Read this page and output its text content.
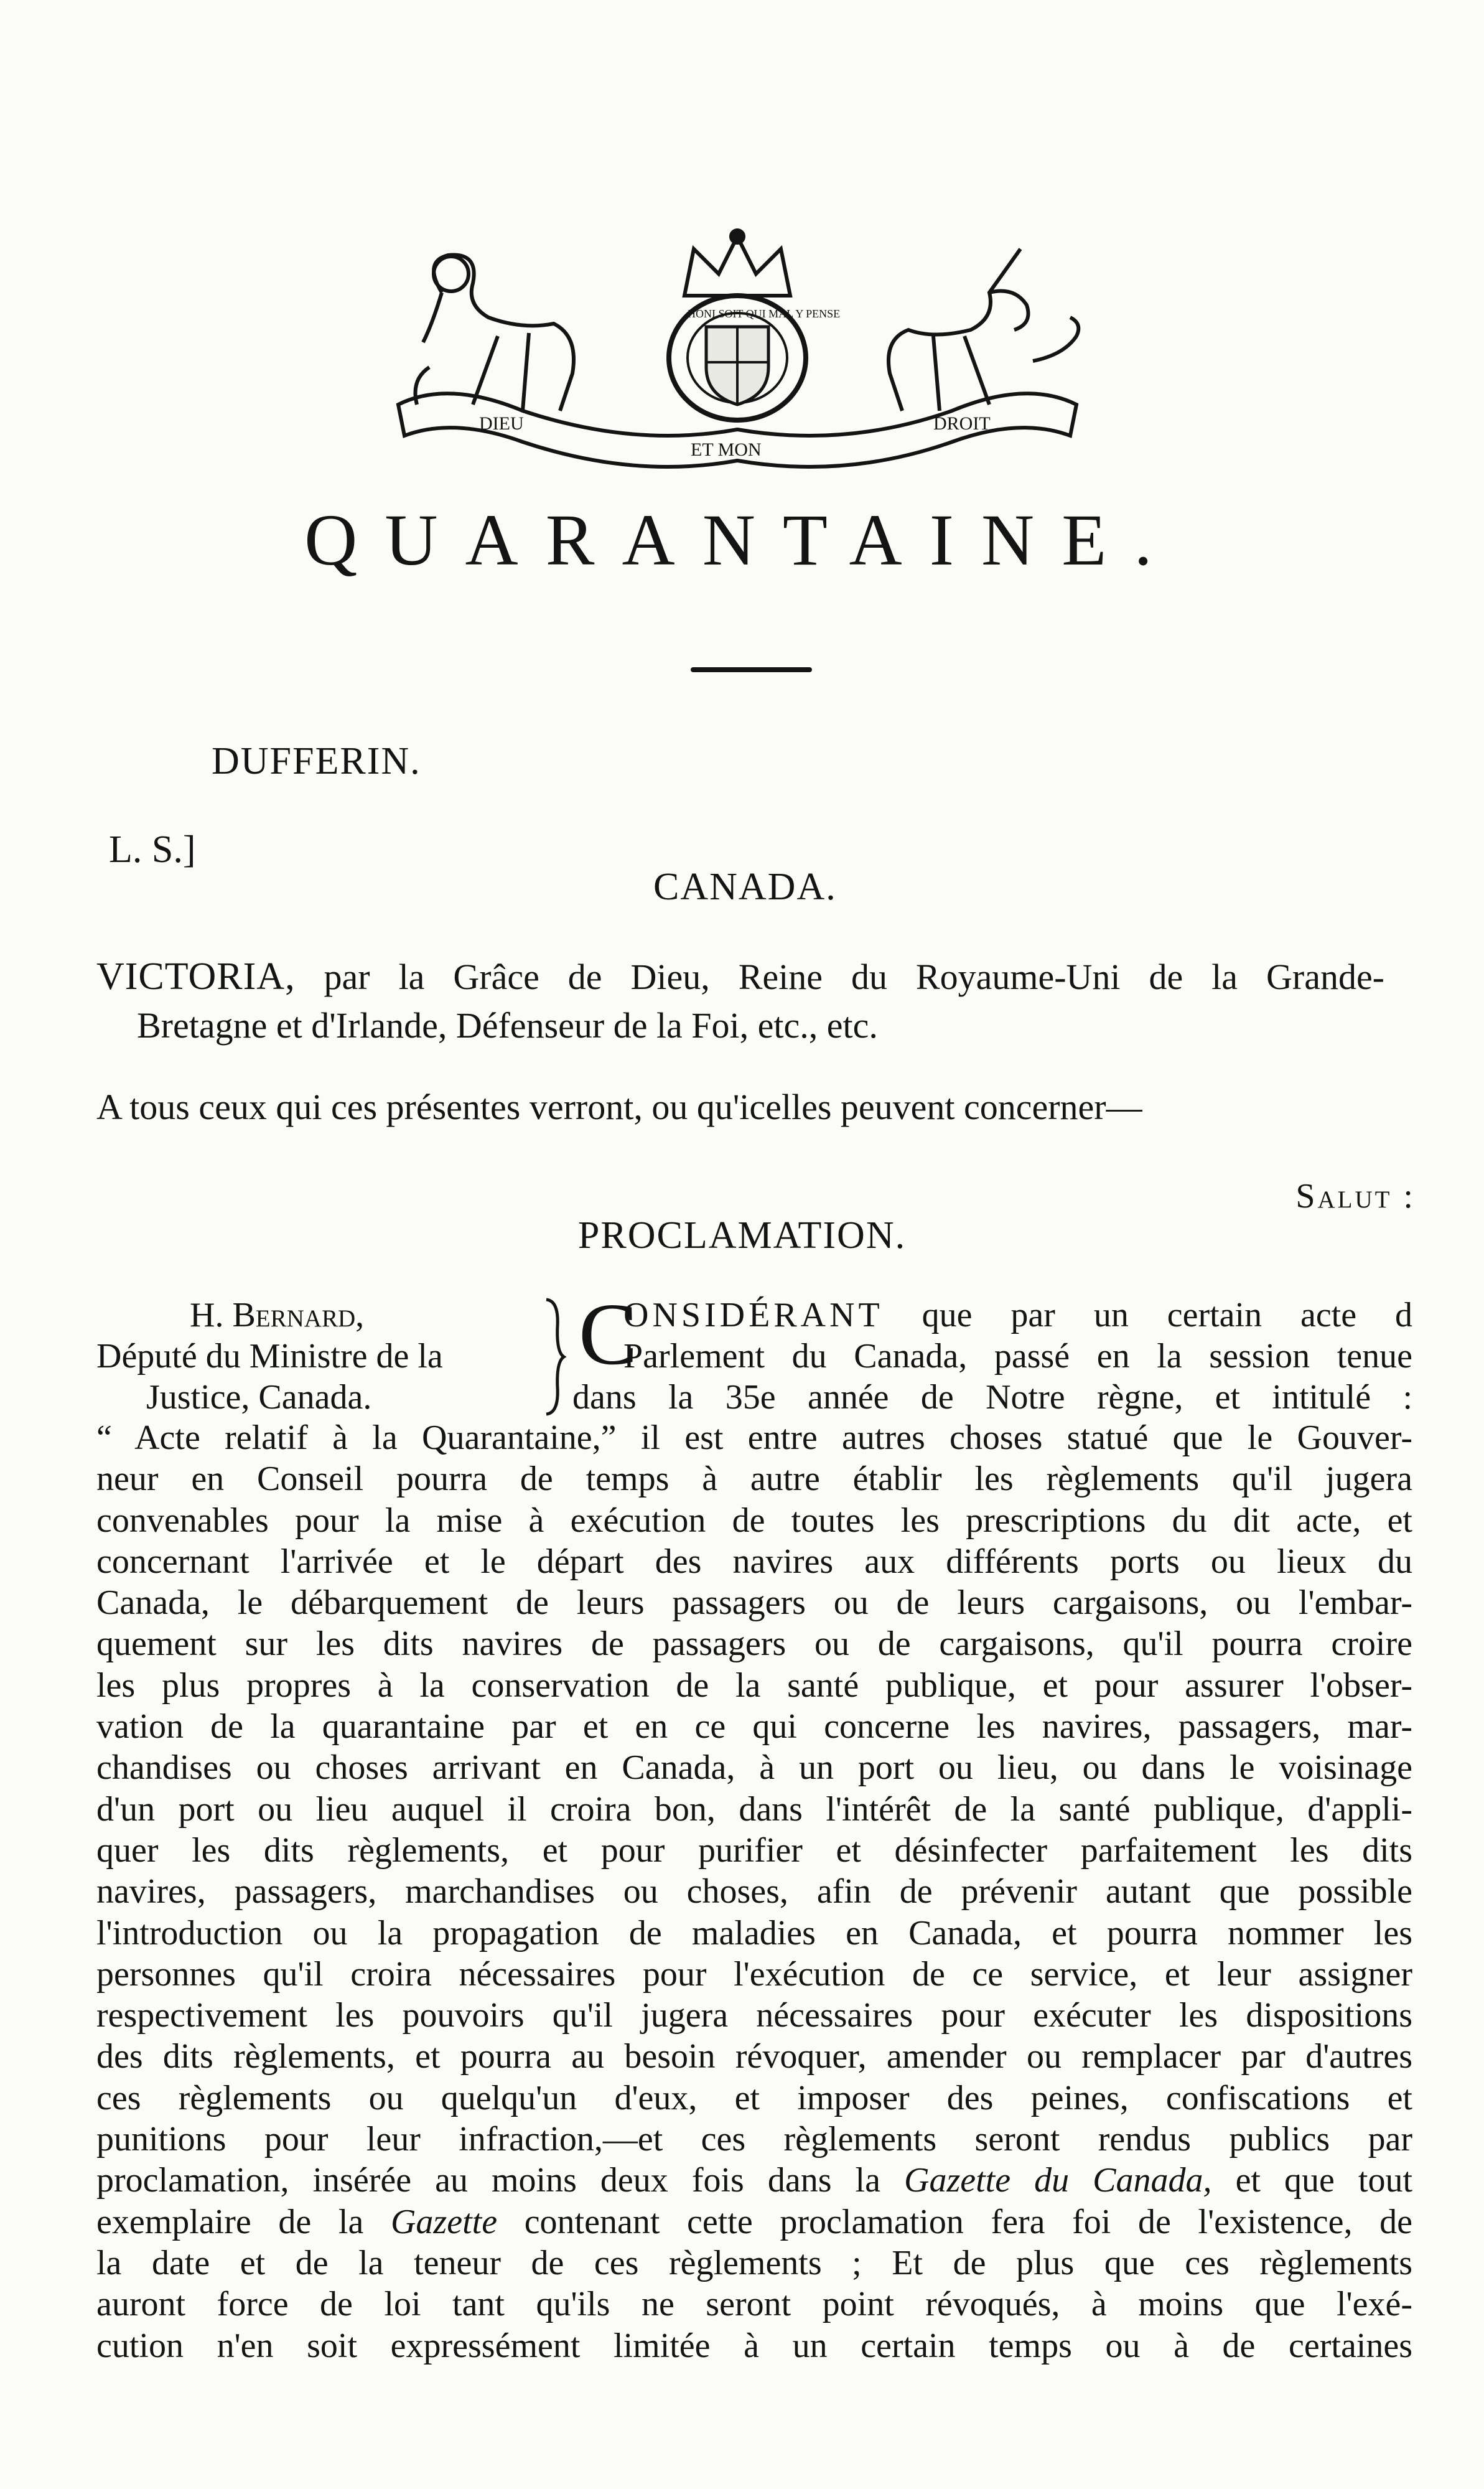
DIEU
ET MON
DROIT
HONI SOIT QUI MAL Y PENSE
QUARANTAINE.
DUFFERIN.
L. S.]
CANADA.
VICTORIA, par la Grâce de Dieu, Reine du Royaume-Uni de la Grande-
Bretagne et d'Irlande, Défenseur de la Foi, etc., etc.
A tous ceux qui ces présentes verront, ou qu'icelles peuvent concerner—
Salut :
PROCLAMATION.
H. Bernard,
Député du Ministre de la
Justice, Canada.
C
ONSIDÉRANT que par un certain acte d
Parlement du Canada, passé en la session tenue
dans la 35e année de Notre règne, et intitulé :
“ Acte relatif à la Quarantaine,” il est entre autres choses statué que le Gouver-
neur en Conseil pourra de temps à autre établir les règlements qu'il jugera
convenables pour la mise à exécution de toutes les prescriptions du dit acte, et
concernant l'arrivée et le départ des navires aux différents ports ou lieux du
Canada, le débarquement de leurs passagers ou de leurs cargaisons, ou l'embar-
quement sur les dits navires de passagers ou de cargaisons, qu'il pourra croire
les plus propres à la conservation de la santé publique, et pour assurer l'obser-
vation de la quarantaine par et en ce qui concerne les navires, passagers, mar-
chandises ou choses arrivant en Canada, à un port ou lieu, ou dans le voisinage
d'un port ou lieu auquel il croira bon, dans l'intérêt de la santé publique, d'appli-
quer les dits règlements, et pour purifier et désinfecter parfaitement les dits
navires, passagers, marchandises ou choses, afin de prévenir autant que possible
l'introduction ou la propagation de maladies en Canada, et pourra nommer les
personnes qu'il croira nécessaires pour l'exécution de ce service, et leur assigner
respectivement les pouvoirs qu'il jugera nécessaires pour exécuter les dispositions
des dits règlements, et pourra au besoin révoquer, amender ou remplacer par d'autres
ces règlements ou quelqu'un d'eux, et imposer des peines, confiscations et
punitions pour leur infraction,—et ces règlements seront rendus publics par
proclamation, insérée au moins deux fois dans la Gazette du Canada, et que tout
exemplaire de la Gazette contenant cette proclamation fera foi de l'existence, de
la date et de la teneur de ces règlements ; Et de plus que ces règlements
auront force de loi tant qu'ils ne seront point révoqués, à moins que l'exé-
cution n'en soit expressément limitée à un certain temps ou à de certaines
